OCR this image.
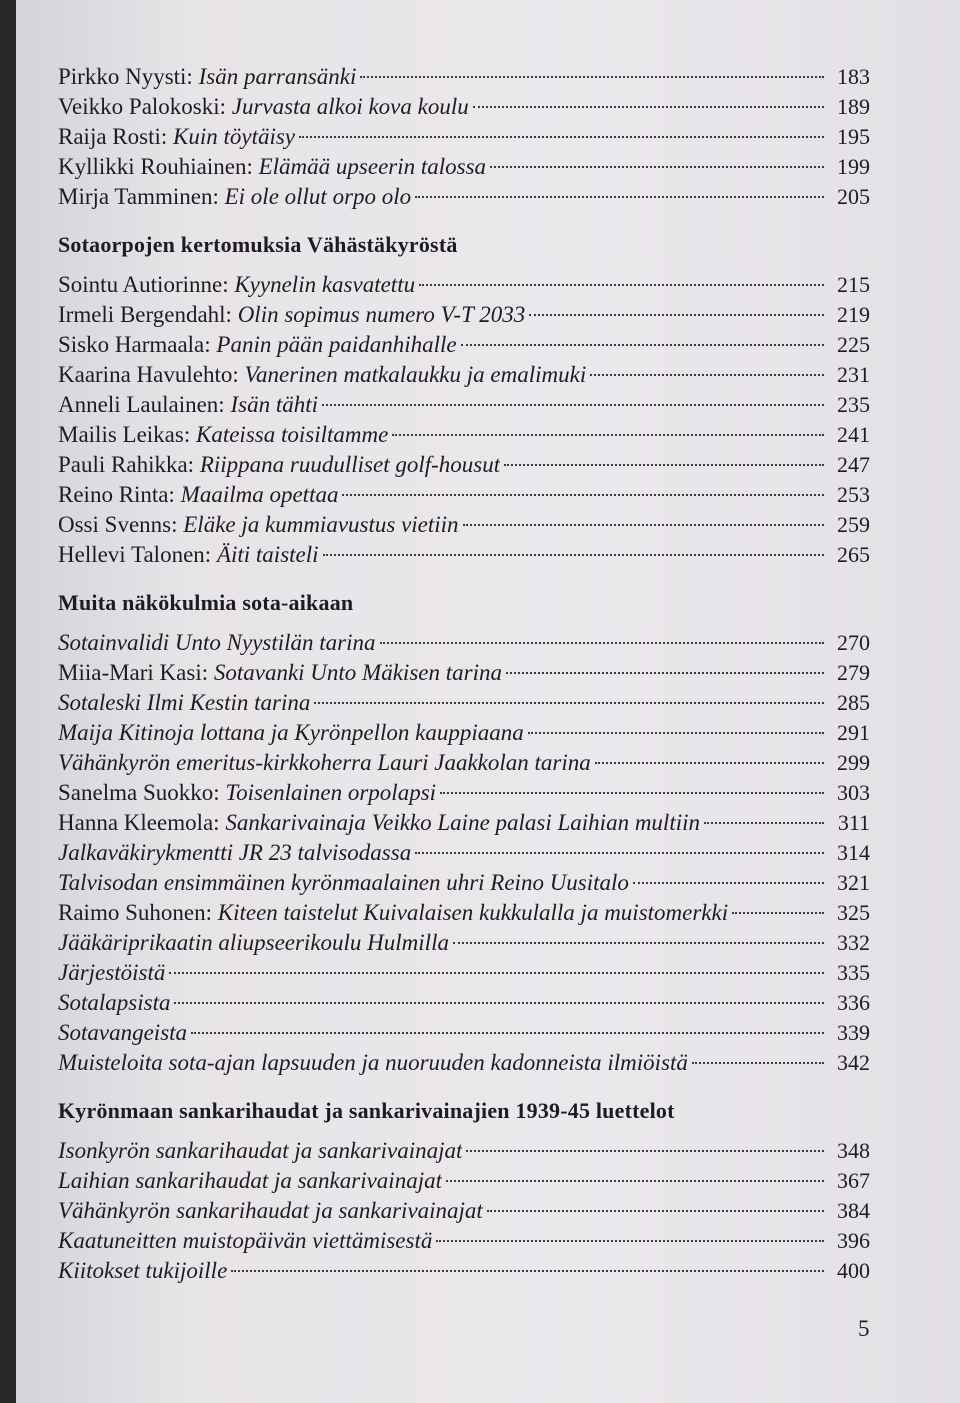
Pirkko Nyysti: Isän parransänki	183
Veikko Palokoski: Jurvasta alkoi kova koulu	189
Raija Rosti: Kuin töytäisy	195
Kyllikki Rouhiainen: Elämää upseerin talossa	199
Mirja Tamminen: Ei ole ollut orpo olo	205
Sotaorpojen kertomuksia Vähästäkyröstä
Sointu Autiorinne: Kyynelin kasvatettu	215
Irmeli Bergendahl: Olin sopimus numero V-T 2033	219
Sisko Harmaala: Panin pään paidanhihalle	225
Kaarina Havulehto: Vanerinen matkalaukku ja emalimuki	231
Anneli Laulainen: Isän tähti	235
Mailis Leikas: Kateissa toisiltamme	241
Pauli Rahikka: Riippana ruudulliset golf-housut	247
Reino Rinta: Maailma opettaa	253
Ossi Svenns: Eläke ja kummiavustus vietiin	259
Hellevi Talonen: Äiti taisteli	265
Muita näkökulmia sota-aikaan
Sotainvalidi Unto Nyystilän tarina	270
Miia-Mari Kasi: Sotavanki Unto Mäkisen tarina	279
Sotaleski Ilmi Kestin tarina	285
Maija Kitinoja lottana ja Kyrönpellon kauppiaana	291
Vähänkyrön emeritus-kirkkoherra Lauri Jaakkolan tarina	299
Sanelma Suokko: Toisenlainen orpolapsi	303
Hanna Kleemola: Sankarivainaja Veikko Laine palasi Laihian multiin	311
Jalkaväkirykmentti JR 23 talvisodassa	314
Talvisodan ensimmäinen kyrönmaalainen uhri Reino Uusitalo	321
Raimo Suhonen: Kiteen taistelut Kuivalaisen kukkulalla ja muistomerkki	325
Jääkäriprikaatin aliupseerikoulu Hulmilla	332
Järjestöistä	335
Sotalapsista	336
Sotavangeista	339
Muisteloita sota-ajan lapsuuden ja nuoruuden kadonneista ilmiöistä	342
Kyrönmaan sankarihaudat ja sankarivainajien 1939-45 luettelot
Isonkyrön sankarihaudat ja sankarivainajat	348
Laihian sankarihaudat ja sankarivainajat	367
Vähänkyrön sankarihaudat ja sankarivainajat	384
Kaatuneitten muistopäivän viettämisestä	396
Kiitokset tukijoille	400
5
